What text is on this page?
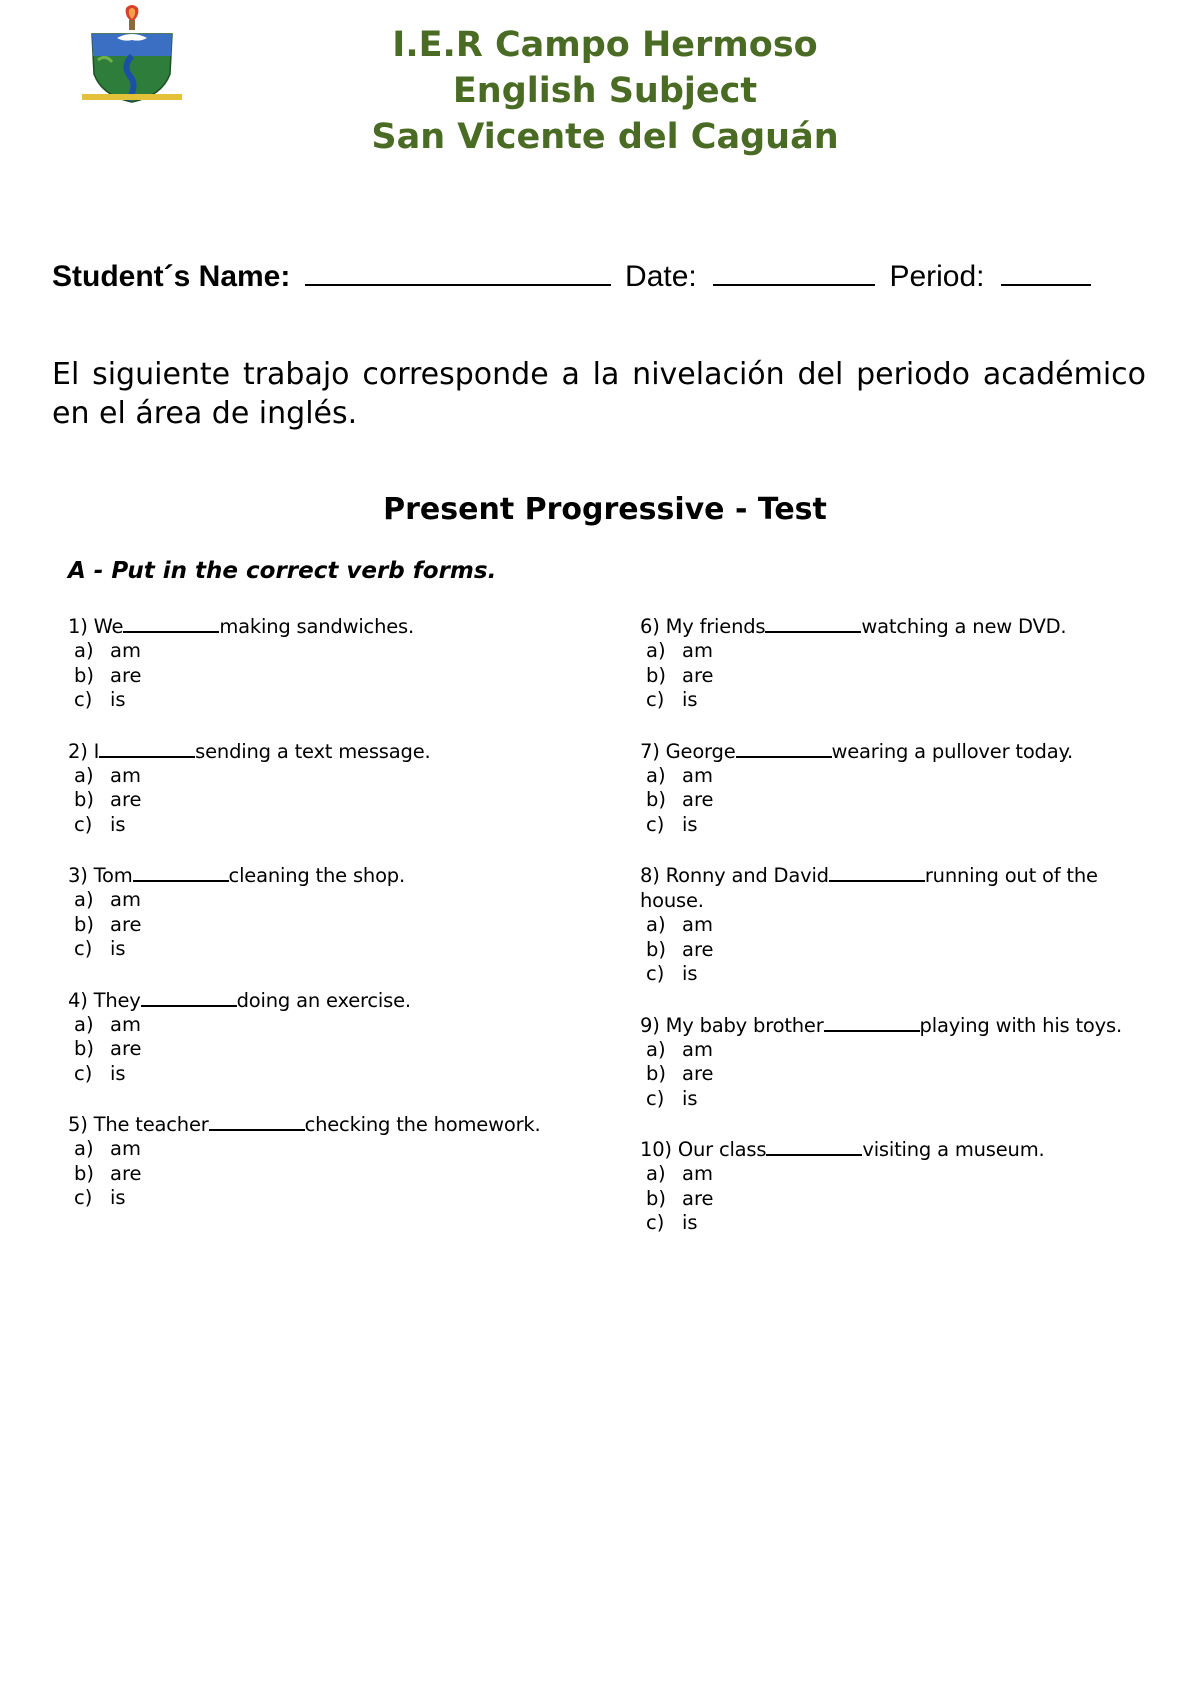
I.E.R Campo Hermoso
English Subject
San Vicente del Caguán
Student´s Name:	Date:	Period:
El siguiente trabajo corresponde a la nivelación del periodo académico en el área de inglés.
Present Progressive - Test
A - Put in the correct verb forms.
1) We	making sandwiches.
a) am
b) are
c) is
2) I	sending a text message.
a) am
b) are
c) is
3) Tom	cleaning the shop.
a) am
b) are
c) is
4) They	doing an exercise.
a) am
b) are
c) is
5) The teacher	checking the homework.
a) am
b) are
c) is
6) My friends	watching a new DVD.
a) am
b) are
c) is
7) George	wearing a pullover today.
a) am
b) are
c) is
8) Ronny and David	running out of the house.
a) am
b) are
c) is
9) My baby brother	playing with his toys.
a) am
b) are
c) is
10) Our class	visiting a museum.
a) am
b) are
c) is
